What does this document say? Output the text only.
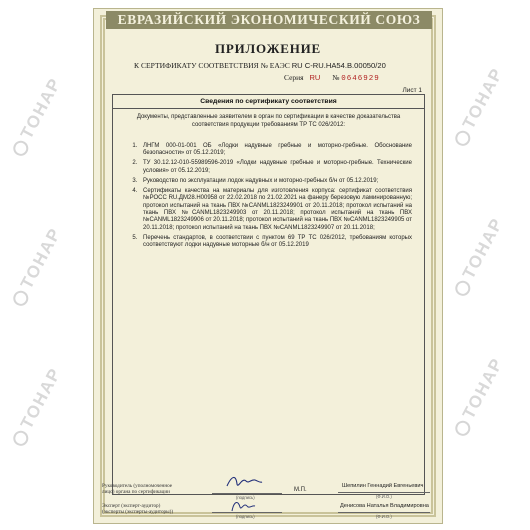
ТОНАР
ТОНАР
ТОНАР
ТОНАР
ТОНАР
ТОНАР
ЕВРАЗИЙСКИЙ ЭКОНОМИЧЕСКИЙ СОЮЗ
ПРИЛОЖЕНИЕ
К СЕРТИФИКАТУ СООТВЕТСТВИЯ № ЕАЭС RU C-RU.HA54.B.00050/20
Серия RU № 0646929
Лист 1
Сведения по сертификату соответствия
Документы, представленные заявителем в орган по сертификации в качестве доказательства соответствия продукции требованиям ТР ТС 026/2012:
1. ЛНГМ 000-01-001 ОБ «Лодки надувные гребные и моторно-гребные. Обоснование безопасности» от 05.12.2019;
2. ТУ 30.12.12-010-55989596-2019 «Лодки надувные гребные и моторно-гребные. Технические условия» от 05.12.2019;
3. Руководство по эксплуатации лодок надувных и моторно-гребных б/н от 05.12.2019;
4. Сертификаты качества на материалы для изготовления корпуса: сертификат соответствия №РОСС RU.ДМ28.H00958 от 22.02.2018 по 21.02.2021 на фанеру березовую ламинированную; протокол испытаний на ткань ПВХ №CANML1823249901 от 20.11.2018; протокол испытаний на ткань ПВХ №CANML1823249903 от 20.11.2018; протокол испытаний на ткань ПВХ №CANML1823249906 от 20.11.2018; протокол испытаний на ткань ПВХ №CANML1823249905 от 20.11.2018; протокол испытаний на ткань ПВХ №CANML1823249907 от 20.11.2018;
5. Перечень стандартов, в соответствии с пунктом 69 ТР ТС 026/2012, требованиям которых соответствуют лодки надувные моторные б/н от 05.12.2019
Руководитель (уполномоченное
лицо) органа по сертификации
(подпись)
М.П.
Шепилин Геннадий Евгеньевич
(Ф.И.О.)
Эксперт (эксперт-аудитор)
(эксперты (эксперты-аудиторы))
(подпись)
Денисова Наталья Владимировна
(Ф.И.О.)
